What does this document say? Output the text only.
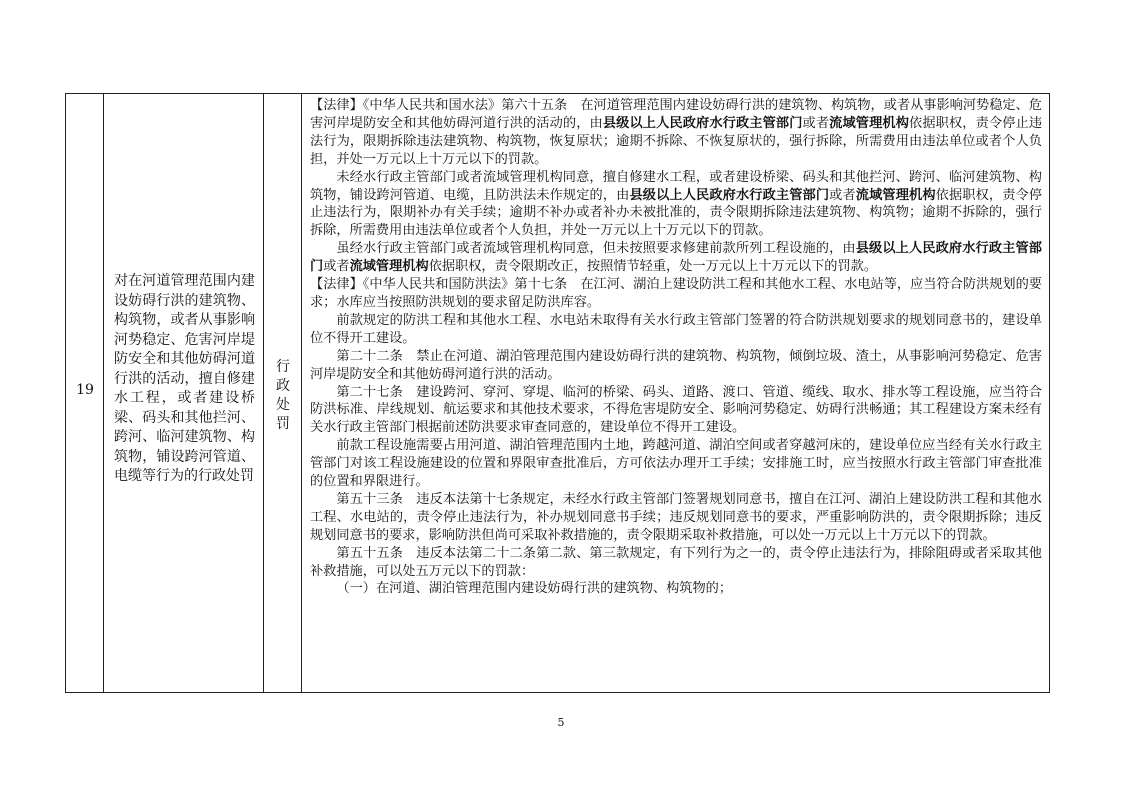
19
对在河道管理范围内建设妨碍行洪的建筑物、构筑物，或者从事影响河势稳定、危害河岸堤防安全和其他妨碍河道行洪的活动，擅自修建水工程，或者建设桥梁、码头和其他拦河、跨河、临河建筑物、构筑物，铺设跨河管道、电缆等行为的行政处罚
行
政
处
罚

【法律】《中华人民共和国水法》第六十五条　在河道管理范围内建设妨碍行洪的建筑物、构筑物，或者从事影响河势稳定、危害河岸堤防安全和其他妨碍河道行洪的活动的，由县级以上人民政府水行政主管部门或者流域管理机构依据职权，责令停止违法行为，限期拆除违法建筑物、构筑物，恢复原状；逾期不拆除、不恢复原状的，强行拆除，所需费用由违法单位或者个人负担，并处一万元以上十万元以下的罚款。

未经水行政主管部门或者流域管理机构同意，擅自修建水工程，或者建设桥梁、码头和其他拦河、跨河、临河建筑物、构筑物，铺设跨河管道、电缆，且防洪法未作规定的，由县级以上人民政府水行政主管部门或者流域管理机构依据职权，责令停止违法行为，限期补办有关手续；逾期不补办或者补办未被批准的，责令限期拆除违法建筑物、构筑物；逾期不拆除的，强行拆除，所需费用由违法单位或者个人负担，并处一万元以上十万元以下的罚款。

虽经水行政主管部门或者流域管理机构同意，但未按照要求修建前款所列工程设施的，由县级以上人民政府水行政主管部门或者流域管理机构依据职权，责令限期改正，按照情节轻重，处一万元以上十万元以下的罚款。

【法律】《中华人民共和国防洪法》第十七条　在江河、湖泊上建设防洪工程和其他水工程、水电站等，应当符合防洪规划的要求；水库应当按照防洪规划的要求留足防洪库容。

前款规定的防洪工程和其他水工程、水电站未取得有关水行政主管部门签署的符合防洪规划要求的规划同意书的，建设单位不得开工建设。

第二十二条　禁止在河道、湖泊管理范围内建设妨碍行洪的建筑物、构筑物，倾倒垃圾、渣土，从事影响河势稳定、危害河岸堤防安全和其他妨碍河道行洪的活动。

第二十七条　建设跨河、穿河、穿堤、临河的桥梁、码头、道路、渡口、管道、缆线、取水、排水等工程设施，应当符合防洪标准、岸线规划、航运要求和其他技术要求，不得危害堤防安全、影响河势稳定、妨碍行洪畅通；其工程建设方案未经有关水行政主管部门根据前述防洪要求审查同意的，建设单位不得开工建设。

前款工程设施需要占用河道、湖泊管理范围内土地，跨越河道、湖泊空间或者穿越河床的，建设单位应当经有关水行政主管部门对该工程设施建设的位置和界限审查批准后，方可依法办理开工手续；安排施工时，应当按照水行政主管部门审查批准的位置和界限进行。

第五十三条　违反本法第十七条规定，未经水行政主管部门签署规划同意书，擅自在江河、湖泊上建设防洪工程和其他水工程、水电站的，责令停止违法行为，补办规划同意书手续；违反规划同意书的要求，严重影响防洪的，责令限期拆除；违反规划同意书的要求，影响防洪但尚可采取补救措施的，责令限期采取补救措施，可以处一万元以上十万元以下的罚款。

第五十五条　违反本法第二十二条第二款、第三款规定，有下列行为之一的，责令停止违法行为，排除阻碍或者采取其他补救措施，可以处五万元以下的罚款：

（一）在河道、湖泊管理范围内建设妨碍行洪的建筑物、构筑物的；

5
